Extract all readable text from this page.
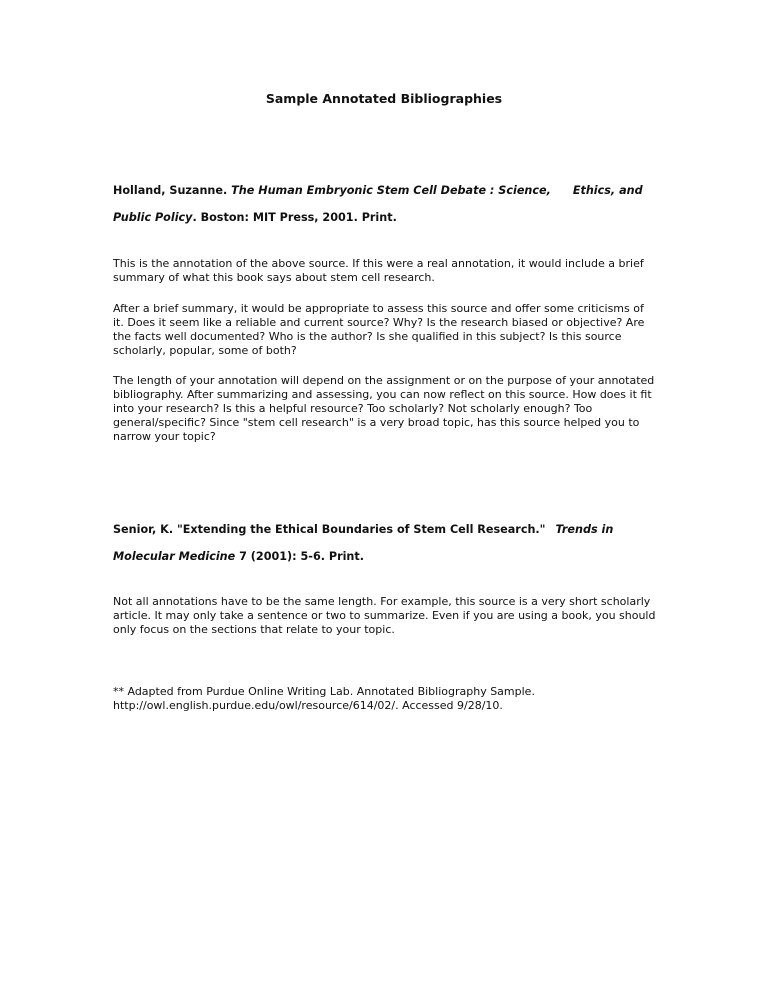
Sample Annotated Bibliographies
Holland, Suzanne. The Human Embryonic Stem Cell Debate : Science, Ethics, and
Public Policy. Boston: MIT Press, 2001. Print.

This is the annotation of the above source. If this were a real annotation, it would include a brief summary of what this book says about stem cell research.

After a brief summary, it would be appropriate to assess this source and offer some criticisms of it. Does it seem like a reliable and current source? Why? Is the research biased or objective? Are the facts well documented? Who is the author? Is she qualified in this subject? Is this source scholarly, popular, some of both?

The length of your annotation will depend on the assignment or on the purpose of your annotated bibliography. After summarizing and assessing, you can now reflect on this source. How does it fit into your research? Is this a helpful resource? Too scholarly? Not scholarly enough? Too general/specific? Since "stem cell research" is a very broad topic, has this source helped you to narrow your topic?

Senior, K. "Extending the Ethical Boundaries of Stem Cell Research." Trends in
Molecular Medicine 7 (2001): 5-6. Print.

Not all annotations have to be the same length. For example, this source is a very short scholarly article. It may only take a sentence or two to summarize. Even if you are using a book, you should only focus on the sections that relate to your topic.

** Adapted from Purdue Online Writing Lab. Annotated Bibliography Sample.
http://owl.english.purdue.edu/owl/resource/614/02/. Accessed 9/28/10.
